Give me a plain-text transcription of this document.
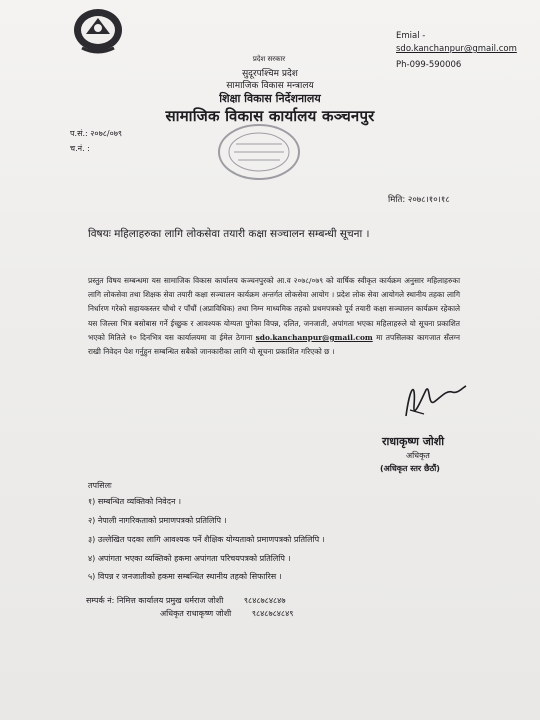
Emial -
sdo.kanchanpur@gmail.com
Ph-099-590006
प्रदेश सरकार
सुदूरपश्चिम प्रदेश
सामाजिक विकास मन्त्रालय
शिक्षा विकास निर्देशनालय
सामाजिक विकास कार्यालय कञ्चनपुर
प.सं.: २०७८/०७९
च.नं. :
मिति: २०७८।१०।१८
विषयः महिलाहरुका लागि लोकसेवा तयारी कक्षा सञ्चालन सम्बन्धी सूचना ।
प्रस्तुत विषय सम्बन्धमा यस सामाजिक विकास कार्यालय कञ्चनपुरको आ.व २०७८/०७९ को वार्षिक स्वीकृत कार्यक्रम अनुसार महिलाहरुका लागि लोकसेवा तथा शिक्षक सेवा तयारी कक्षा सञ्चालन कार्यक्रम अन्तर्गत लोकसेवा आयोग । प्रदेश लोक सेवा आयोगले स्थानीय तहका लागि निर्धारण गरेको सहायकस्तर चौथो र पाँचौं (अप्राविधिक) तथा निम्न माध्यमिक तहको प्रथमपत्रको पूर्व तयारी कक्षा सञ्चालन कार्यक्रम रहेकाले यस जिल्ला भित्र बसोबास गर्ने ईच्छुक र आवश्यक योग्यता पुगेका विपन्न, दलित, जनजाती, अपांगता भएका महिलाहरुले यो सूचना प्रकाशित भएको मितिले १० दिनभित्र यस कार्यालयमा वा ईमेल ठेगाना sdo.kanchanpur@gmail.com मा तपसिलका कागजात सँलग्न राखी निवेदन पेश गर्नुहुन सम्बन्धित सबैको जानकारीका लागि यो सूचना प्रकाशित गरिएको छ ।
राधाकृष्ण जोशी
अधिकृत
(अधिकृत स्तर छैठौं)
तपसिलः
१) सम्बन्धित व्यक्तिको निवेदन ।
२) नेपाली नागरिकताको प्रमाणपत्रको प्रतिलिपि ।
३) उल्लेखित पदका लागि आवश्यक पर्ने शैक्षिक योग्यताको प्रमाणपत्रको प्रतिलिपि ।
४) अपांगता भएका व्यक्तिको हकमा अपांगता परिचयपत्रको प्रतिलिपि ।
५) विपन्न र जनजातीको हकमा सम्बन्धित स्थानीय तहको सिफारिस ।
सम्पर्क नं: निमित्त कार्यालय प्रमुख धर्मराज जोशी	९८४८७८४८४७
अधिकृत राधाकृष्ण जोशी	९८४८७८४८४९
